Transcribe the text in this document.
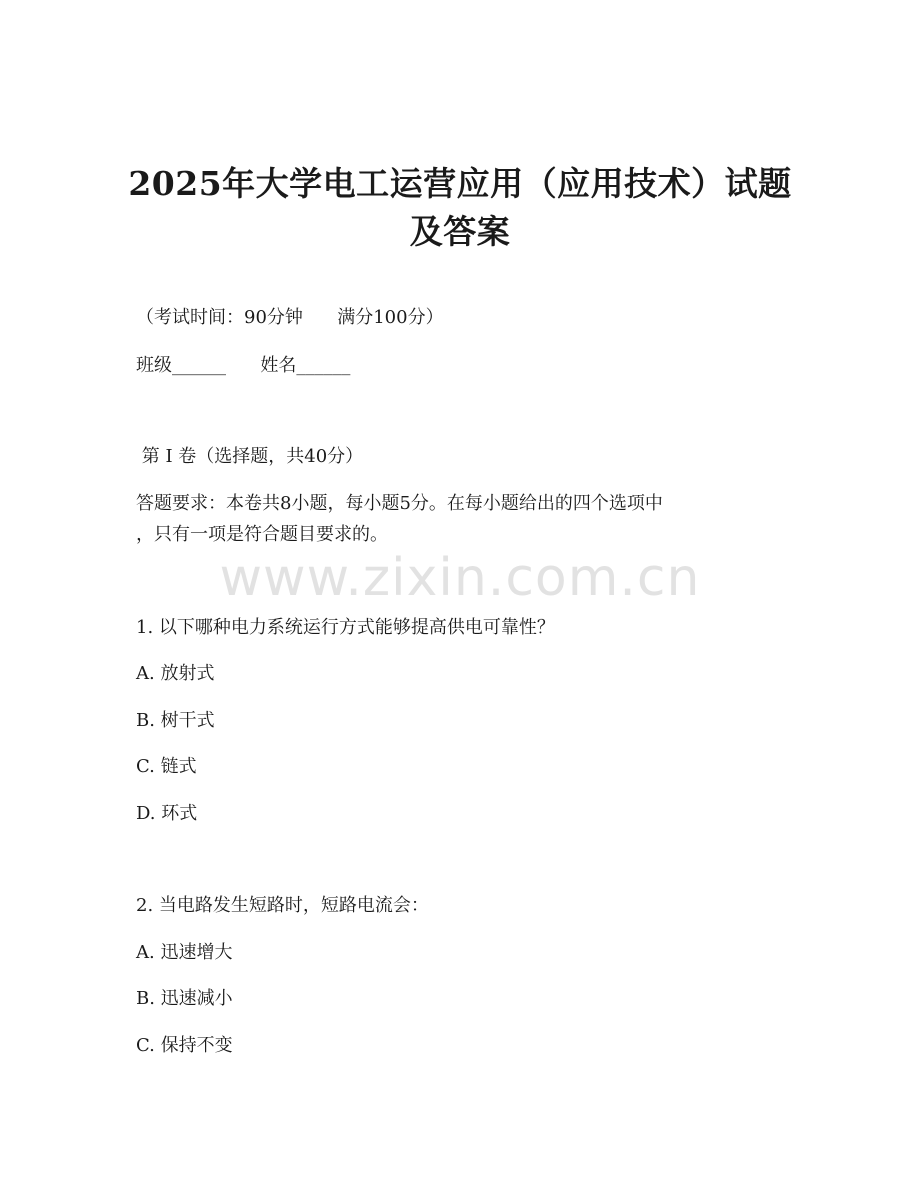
2025年大学电工运营应用（应用技术）试题
及答案
（考试时间：90分钟      满分100分）
班级______      姓名______
第 I 卷（选择题，共40分）
答题要求：本卷共8小题，每小题5分。在每小题给出的四个选项中
，只有一项是符合题目要求的。
www.zixin.com.cn
1. 以下哪种电力系统运行方式能够提高供电可靠性？
A. 放射式
B. 树干式
C. 链式
D. 环式
2. 当电路发生短路时，短路电流会：
A. 迅速增大
B. 迅速减小
C. 保持不变
